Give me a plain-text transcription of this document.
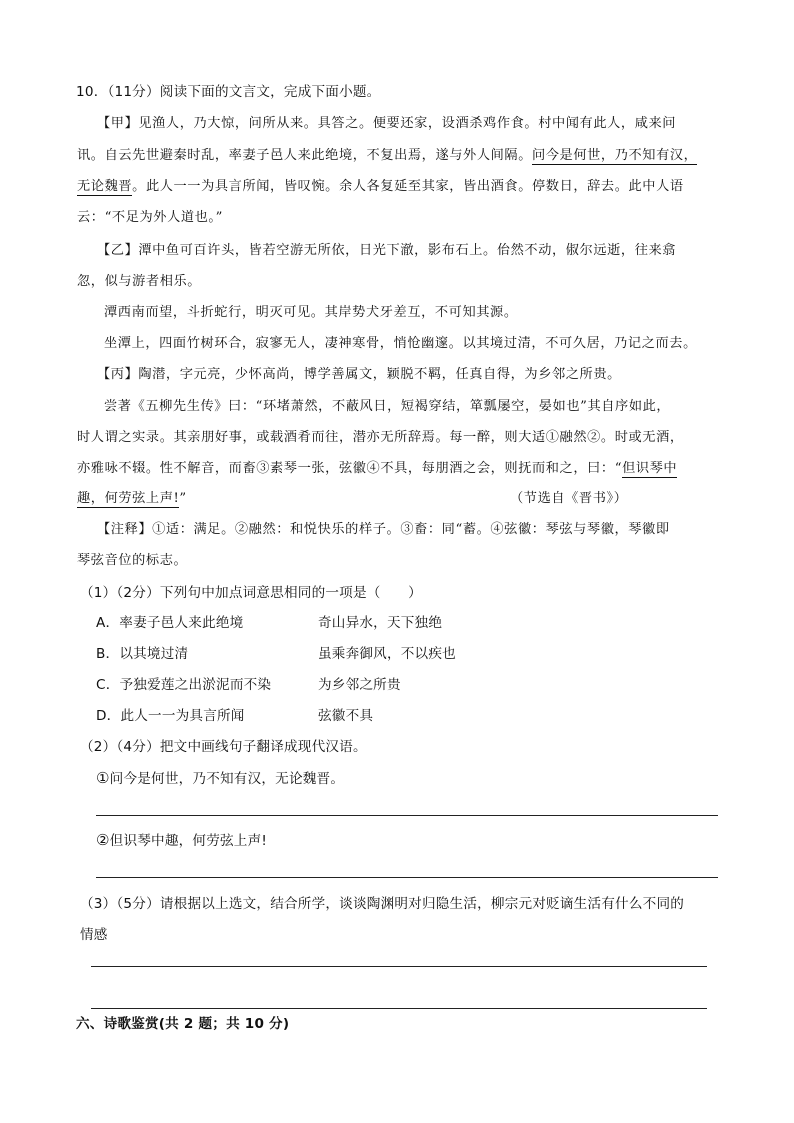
10．（11分）阅读下面的文言文，完成下面小题。
【甲】见渔人，乃大惊，问所从来。具答之。便要还家，设酒杀鸡作食。村中闻有此人，咸来问
讯。自云先世避秦时乱，率妻子邑人来此绝境，不复出焉，遂与外人间隔。问今是何世，乃不知有汉，
无论魏晋。此人一一为具言所闻，皆叹惋。余人各复延至其家，皆出酒食。停数日，辞去。此中人语
云：“不足为外人道也。”
【乙】潭中鱼可百许头，皆若空游无所依，日光下澈，影布石上。佁然不动，俶尔远逝，往来翕
忽，似与游者相乐。
潭西南而望，斗折蛇行，明灭可见。其岸势犬牙差互，不可知其源。
坐潭上，四面竹树环合，寂寥无人，凄神寒骨，悄怆幽邃。以其境过清，不可久居，乃记之而去。
【丙】陶潜，字元亮，少怀高尚，博学善属文，颖脱不羁，任真自得，为乡邻之所贵。
尝著《五柳先生传》曰：“环堵萧然，不蔽风日，短褐穿结，箪瓢屡空，晏如也”其自序如此，
时人谓之实录。其亲朋好事，或载酒肴而往，潜亦无所辞焉。每一醉，则大适①融然②。时或无酒，
亦雅咏不辍。性不解音，而畜③素琴一张，弦徽④不具，每朋酒之会，则抚而和之，曰：“但识琴中
趣，何劳弦上声!”	（节选自《晋书》）
【注释】①适：满足。②融然：和悦快乐的样子。③畜：同“蓄。④弦徽：琴弦与琴徽，琴徽即
琴弦音位的标志。
（1）（2分）下列句中加点词意思相同的一项是（　　）
A．率妻子邑人来此绝境	奇山异水，天下独绝
B．以其境过清	虽乘奔御风，不以疾也
C．予独爱莲之出淤泥而不染	为乡邻之所贵
D．此人一一为具言所闻	弦徽不具
（2）（4分）把文中画线句子翻译成现代汉语。
①问今是何世，乃不知有汉，无论魏晋。
②但识琴中趣，何劳弦上声!
（3）（5分）请根据以上选文，结合所学，谈谈陶渊明对归隐生活，柳宗元对贬谪生活有什么不同的
情感
六、诗歌鉴赏(共 2 题；共 10 分)
